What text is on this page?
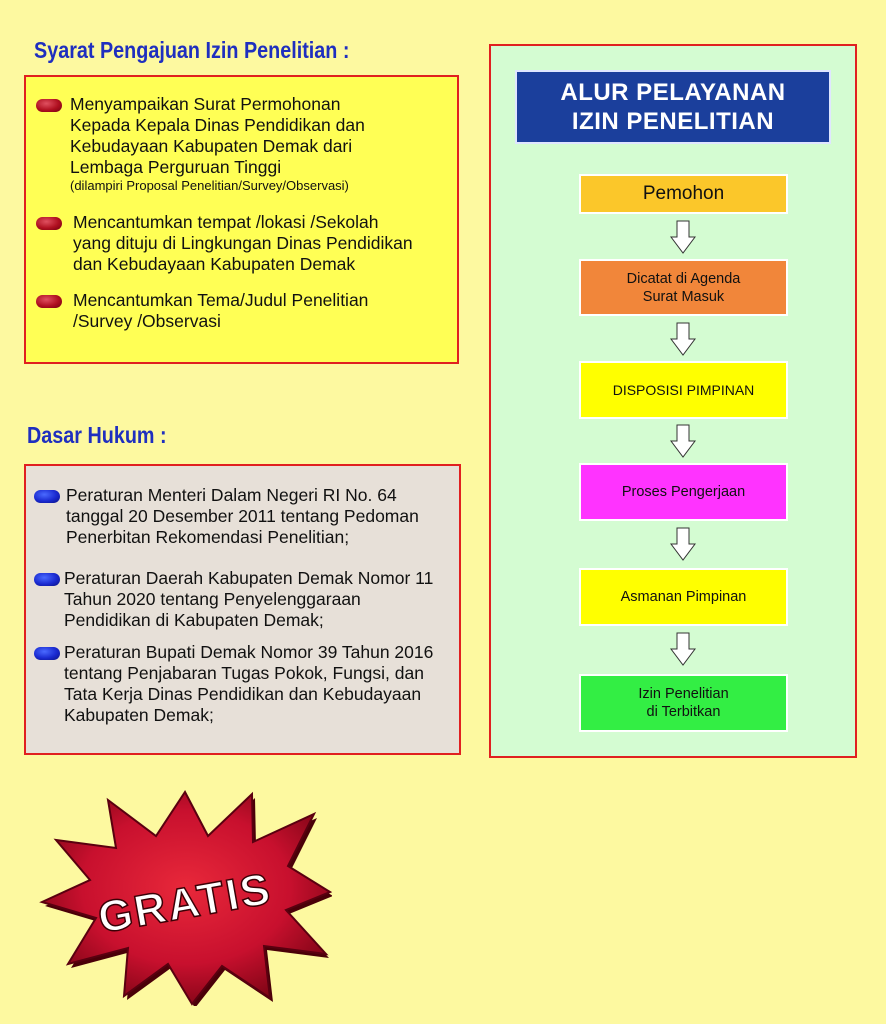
Syarat Pengajuan Izin Penelitian :
Menyampaikan Surat Permohonan
Kepada Kepala Dinas Pendidikan dan
Kebudayaan Kabupaten Demak dari
Lembaga Perguruan Tinggi
(dilampiri Proposal Penelitian/Survey/Observasi)
Mencantumkan tempat /lokasi /Sekolah
yang dituju di Lingkungan Dinas Pendidikan
dan Kebudayaan Kabupaten Demak
Mencantumkan Tema/Judul Penelitian
/Survey /Observasi
Dasar Hukum :
Peraturan Menteri Dalam Negeri RI No. 64
tanggal 20 Desember 2011 tentang Pedoman
Penerbitan Rekomendasi Penelitian;
Peraturan Daerah Kabupaten Demak Nomor 11
Tahun 2020 tentang Penyelenggaraan
Pendidikan di Kabupaten Demak;
Peraturan Bupati Demak Nomor 39 Tahun 2016
tentang Penjabaran Tugas Pokok, Fungsi, dan
Tata Kerja Dinas Pendidikan dan Kebudayaan
Kabupaten Demak;
ALUR PELAYANAN
IZIN PENELITIAN
Pemohon
Dicatat di Agenda
Surat Masuk
DISPOSISI PIMPINAN
Proses Pengerjaan
Asmanan Pimpinan
Izin Penelitian
di Terbitkan
GRATIS
